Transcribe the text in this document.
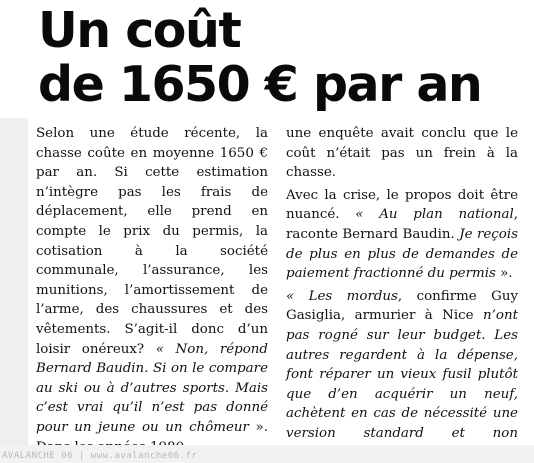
Un coût
de 1650 € par an

Selon une étude récente, la chasse coûte en moyenne 1650 € par an. Si cette estimation n’intègre pas les frais de déplacement, elle prend en compte le prix du permis, la cotisation à la société communale, l’assurance, les munitions, l’amortissement de l’arme, des chaussures et des vêtements. S’agit-il donc d’un loisir onéreux? « Non, répond Bernard Baudin. Si on le compare au ski ou à d’autres sports. Mais c’est vrai qu’il n’est pas donné pour un jeune ou un chômeur ».

une enquête avait conclu que le coût n’était pas un frein à la chasse.

Avec la crise, le propos doit être nuancé. « Au plan national, raconte Bernard Baudin. Je reçois de plus en plus de demandes de paiement fractionné du permis ».

« Les mordus, confirme Guy Gasiglia, armurier à Nice n’ont pas rogné sur leur budget. Les autres regardent à la dépense, font réparer un vieux fusil plutôt que d’en acquérir un neuf, achètent en cas de nécessité une version standard et non

AVALANCHE 06 | www.avalanche06.fr
